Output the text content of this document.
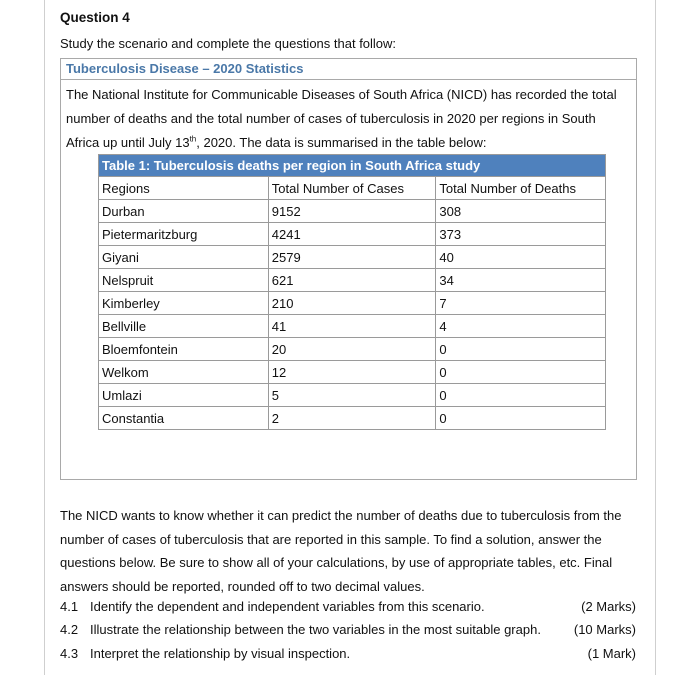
Question 4
Study the scenario and complete the questions that follow:
Tuberculosis Disease – 2020 Statistics
The National Institute for Communicable Diseases of South Africa (NICD) has recorded the total number of deaths and the total number of cases of tuberculosis in 2020 per regions in South Africa up until July 13th, 2020. The data is summarised in the table below:
Table 1: Tuberculosis deaths per region in South Africa study		
Regions	Total Number of Cases	Total Number of Deaths
Durban	9152	308
Pietermaritzburg	4241	373
Giyani	2579	40
Nelspruit	621	34
Kimberley	210	7
Bellville	41	4
Bloemfontein	20	0
Welkom	12	0
Umlazi	5	0
Constantia	2	0
The NICD wants to know whether it can predict the number of deaths due to tuberculosis from the number of cases of tuberculosis that are reported in this sample. To find a solution, answer the questions below. Be sure to show all of your calculations, by use of appropriate tables, etc. Final answers should be reported, rounded off to two decimal values.
4.1 Identify the dependent and independent variables from this scenario.	(2 Marks)
4.2 Illustrate the relationship between the two variables in the most suitable graph.	(10 Marks)
4.3 Interpret the relationship by visual inspection.	(1 Mark)
